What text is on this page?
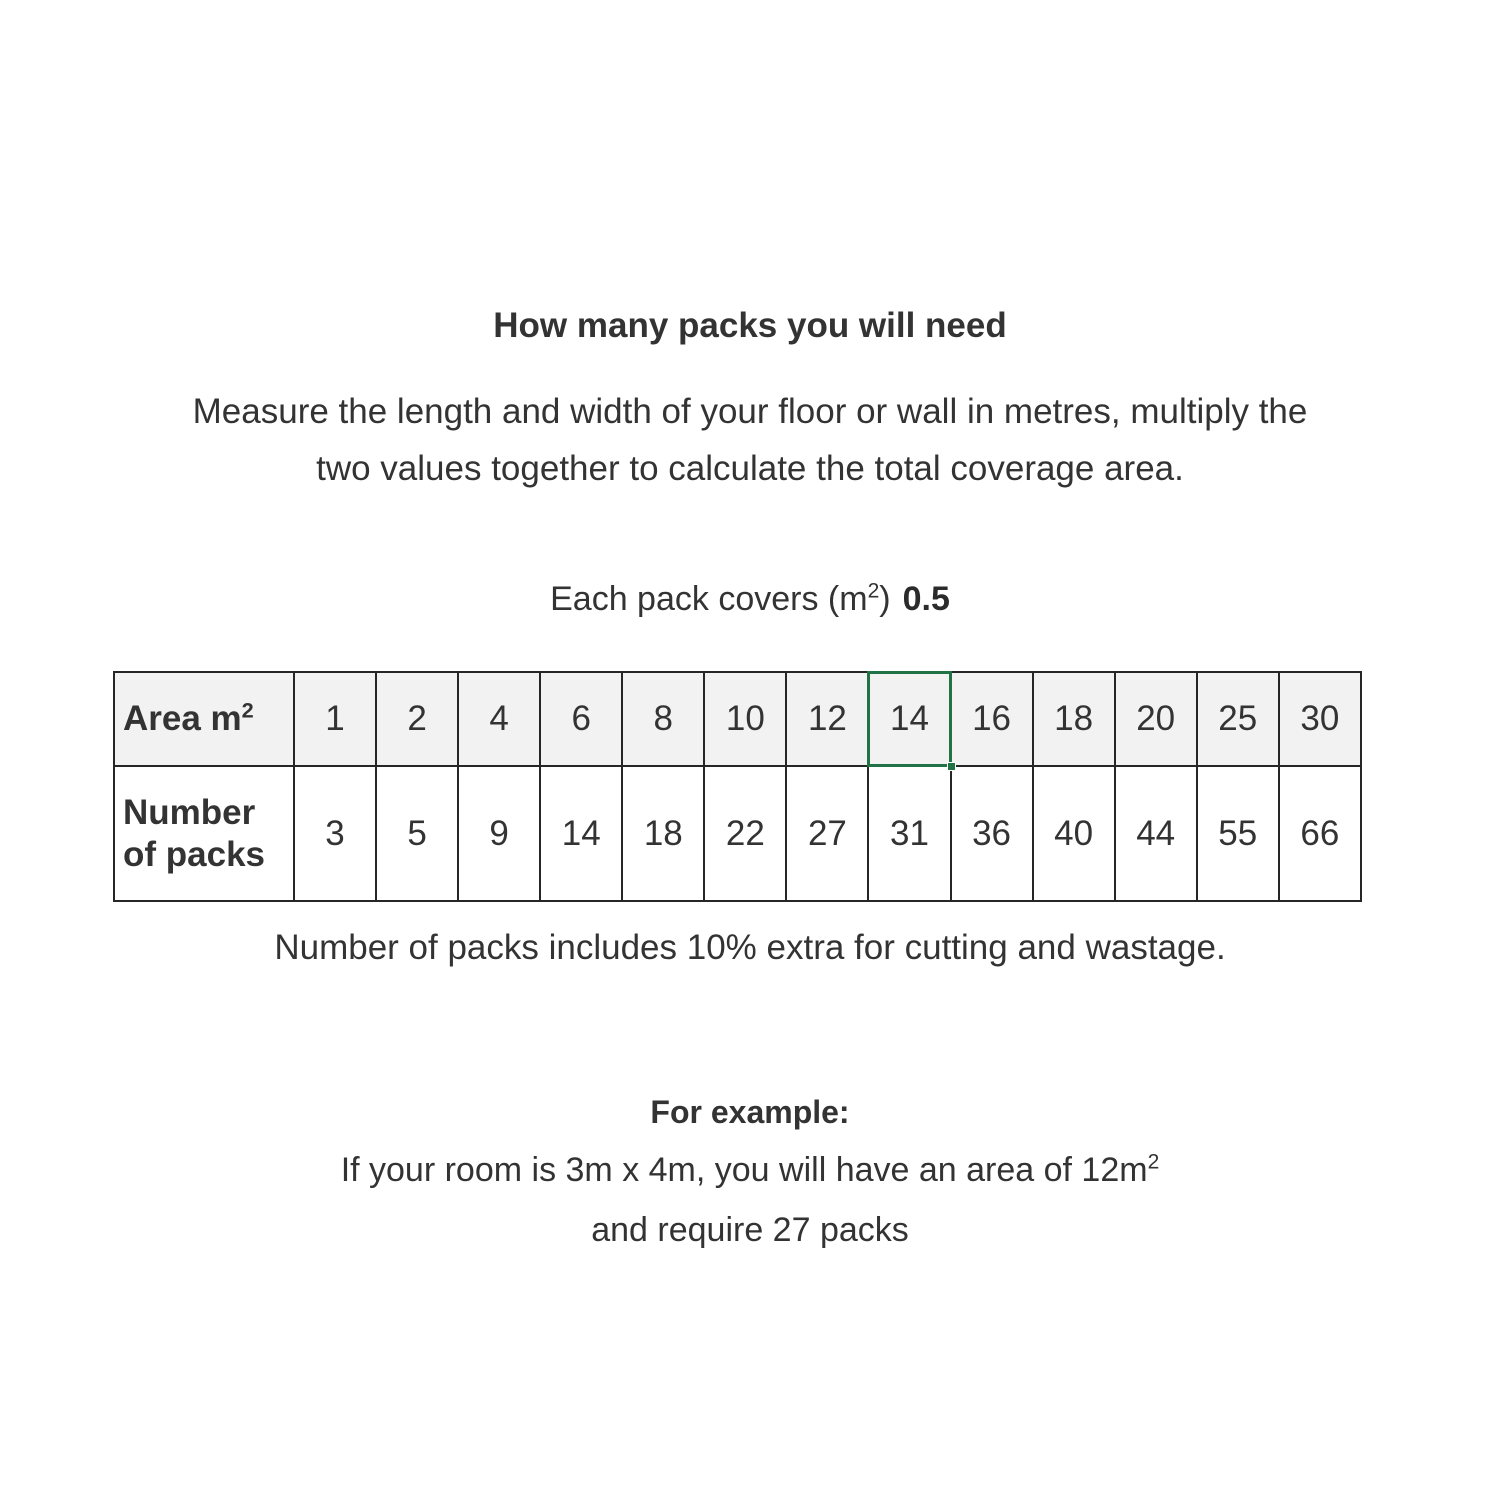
How many packs you will need
Measure the length and width of your floor or wall in metres, multiply the
two values together to calculate the total coverage area.
Each pack covers $(m^2)$ 0.5
Area $m^2$	1	2	4	6	8	10	12	14	16	18	20	25	30
Number
of packs	3	5	9	14	18	22	27	31	36	40	44	55	66
Number of packs includes 10% extra for cutting and wastage.
For example:
If your room is 3m x 4m, you will have an area of $12m^2$
and require 27 packs
